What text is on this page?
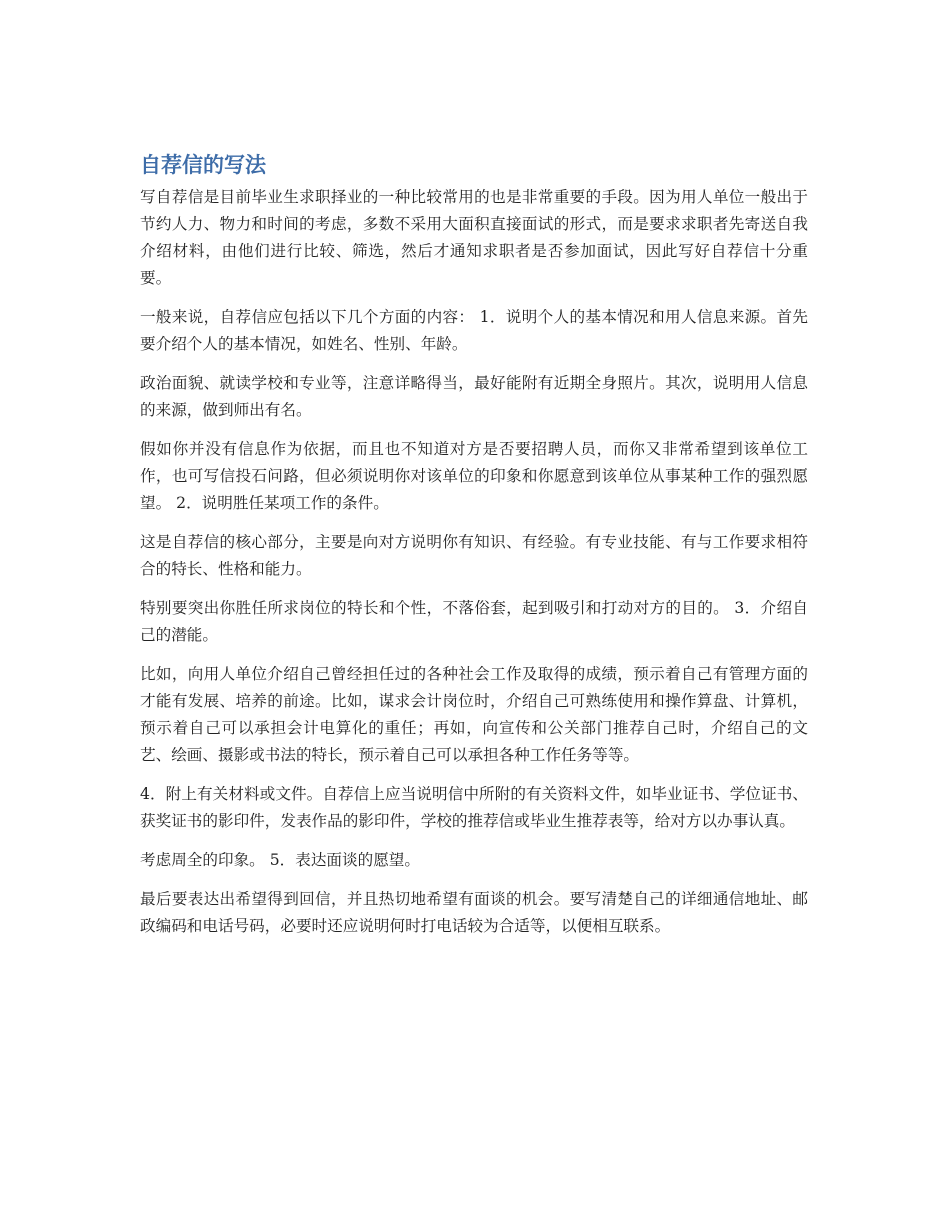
自荐信的写法

写自荐信是目前毕业生求职择业的一种比较常用的也是非常重要的手段。因为用人单位一般出于节约人力、物力和时间的考虑，多数不采用大面积直接面试的形式，而是要求求职者先寄送自我介绍材料，由他们进行比较、筛选，然后才通知求职者是否参加面试，因此写好自荐信十分重要。

一般来说，自荐信应包括以下几个方面的内容： 1．说明个人的基本情况和用人信息来源。首先要介绍个人的基本情况，如姓名、性别、年龄。

政治面貌、就读学校和专业等，注意详略得当，最好能附有近期全身照片。其次，说明用人信息的来源，做到师出有名。

假如你并没有信息作为依据，而且也不知道对方是否要招聘人员，而你又非常希望到该单位工作，也可写信投石问路，但必须说明你对该单位的印象和你愿意到该单位从事某种工作的强烈愿望。 2．说明胜任某项工作的条件。

这是自荐信的核心部分，主要是向对方说明你有知识、有经验。有专业技能、有与工作要求相符合的特长、性格和能力。

特别要突出你胜任所求岗位的特长和个性，不落俗套，起到吸引和打动对方的目的。 3．介绍自己的潜能。

比如，向用人单位介绍自己曾经担任过的各种社会工作及取得的成绩，预示着自己有管理方面的才能有发展、培养的前途。比如，谋求会计岗位时，介绍自己可熟练使用和操作算盘、计算机，预示着自己可以承担会计电算化的重任；再如，向宣传和公关部门推荐自己时，介绍自己的文艺、绘画、摄影或书法的特长，预示着自己可以承担各种工作任务等等。

4．附上有关材料或文件。自荐信上应当说明信中所附的有关资料文件，如毕业证书、学位证书、获奖证书的影印件，发表作品的影印件，学校的推荐信或毕业生推荐表等，给对方以办事认真。

考虑周全的印象。 5．表达面谈的愿望。

最后要表达出希望得到回信，并且热切地希望有面谈的机会。要写清楚自己的详细通信地址、邮政编码和电话号码，必要时还应说明何时打电话较为合适等，以便相互联系。
